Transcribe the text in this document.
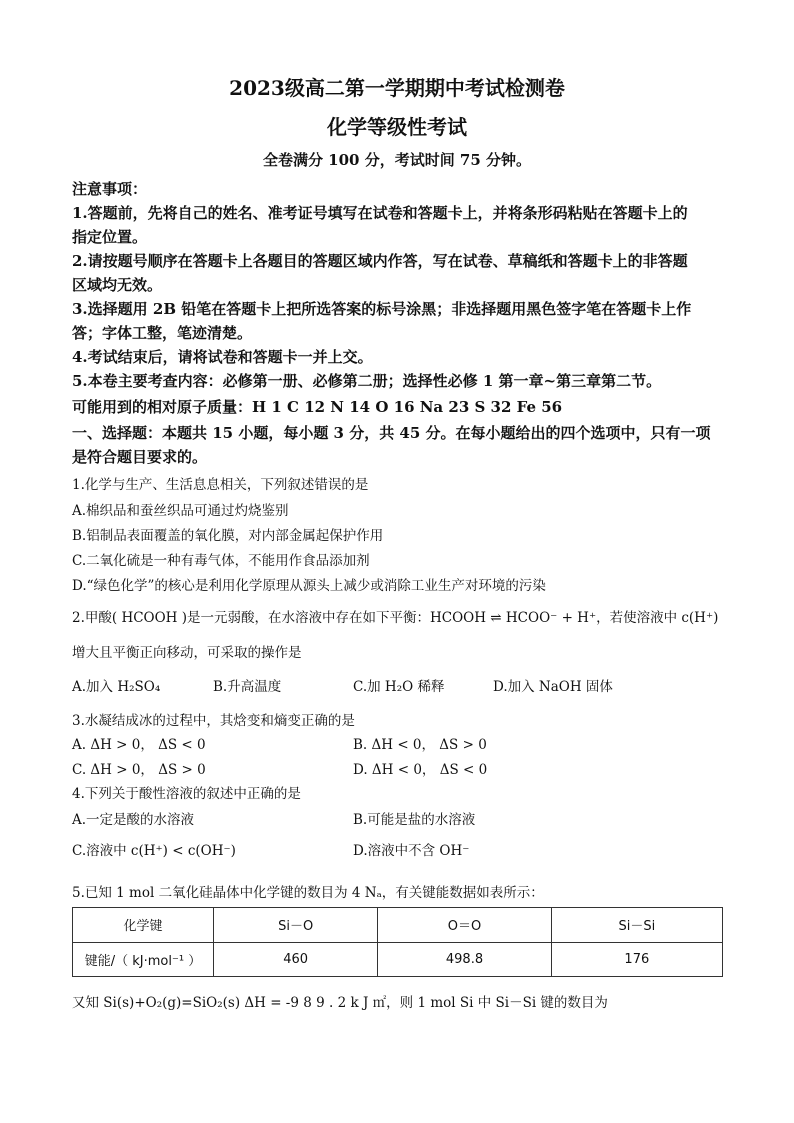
2023级高二第一学期期中考试检测卷
化学等级性考试
全卷满分 100 分，考试时间 75 分钟。
注意事项：
1.答题前，先将自己的姓名、准考证号填写在试卷和答题卡上，并将条形码粘贴在答题卡上的
指定位置。
2.请按题号顺序在答题卡上各题目的答题区域内作答，写在试卷、草稿纸和答题卡上的非答题
区域均无效。
3.选择题用 2B 铅笔在答题卡上把所选答案的标号涂黑；非选择题用黑色签字笔在答题卡上作
答；字体工整，笔迹清楚。
4.考试结束后，请将试卷和答题卡一并上交。
5.本卷主要考查内容：必修第一册、必修第二册；选择性必修 1 第一章~第三章第二节。
可能用到的相对原子质量：H 1 C 12 N 14 O 16 Na 23 S 32 Fe 56
一、选择题：本题共 15 小题，每小题 3 分，共 45 分。在每小题给出的四个选项中，只有一项
是符合题目要求的。
1.化学与生产、生活息息相关，下列叙述错误的是
A.棉织品和蚕丝织品可通过灼烧鉴别
B.铝制品表面覆盖的氧化膜，对内部金属起保护作用
C.二氧化硫是一种有毒气体，不能用作食品添加剂
D.“绿色化学”的核心是利用化学原理从源头上减少或消除工业生产对环境的污染
2.甲酸( HCOOH )是一元弱酸，在水溶液中存在如下平衡：HCOOH ⇌ HCOO⁻ + H⁺，若使溶液中 c(H⁺)
增大且平衡正向移动，可采取的操作是
A.加入 H₂SO₄	B.升高温度	C.加 H₂O 稀释	D.加入 NaOH 固体
3.水凝结成冰的过程中，其焓变和熵变正确的是
A. ΔH > 0， ΔS < 0	B. ΔH < 0， ΔS > 0
C. ΔH > 0， ΔS > 0	D. ΔH < 0， ΔS < 0
4.下列关于酸性溶液的叙述中正确的是
A.一定是酸的水溶液	B.可能是盐的水溶液
C.溶液中 c(H⁺) < c(OH⁻)	D.溶液中不含 OH⁻
5.已知 1 mol 二氧化硅晶体中化学键的数目为 4 Nₐ，有关键能数据如表所示：
化学键	Si－O	O＝O	Si－Si
键能/（ kJ·mol⁻¹ ）	460	498.8	176
又知 Si(s)+O₂(g)=SiO₂(s) ΔH = -9 8 9 . 2 k J ㎡，则 1 mol Si 中 Si－Si 键的数目为
